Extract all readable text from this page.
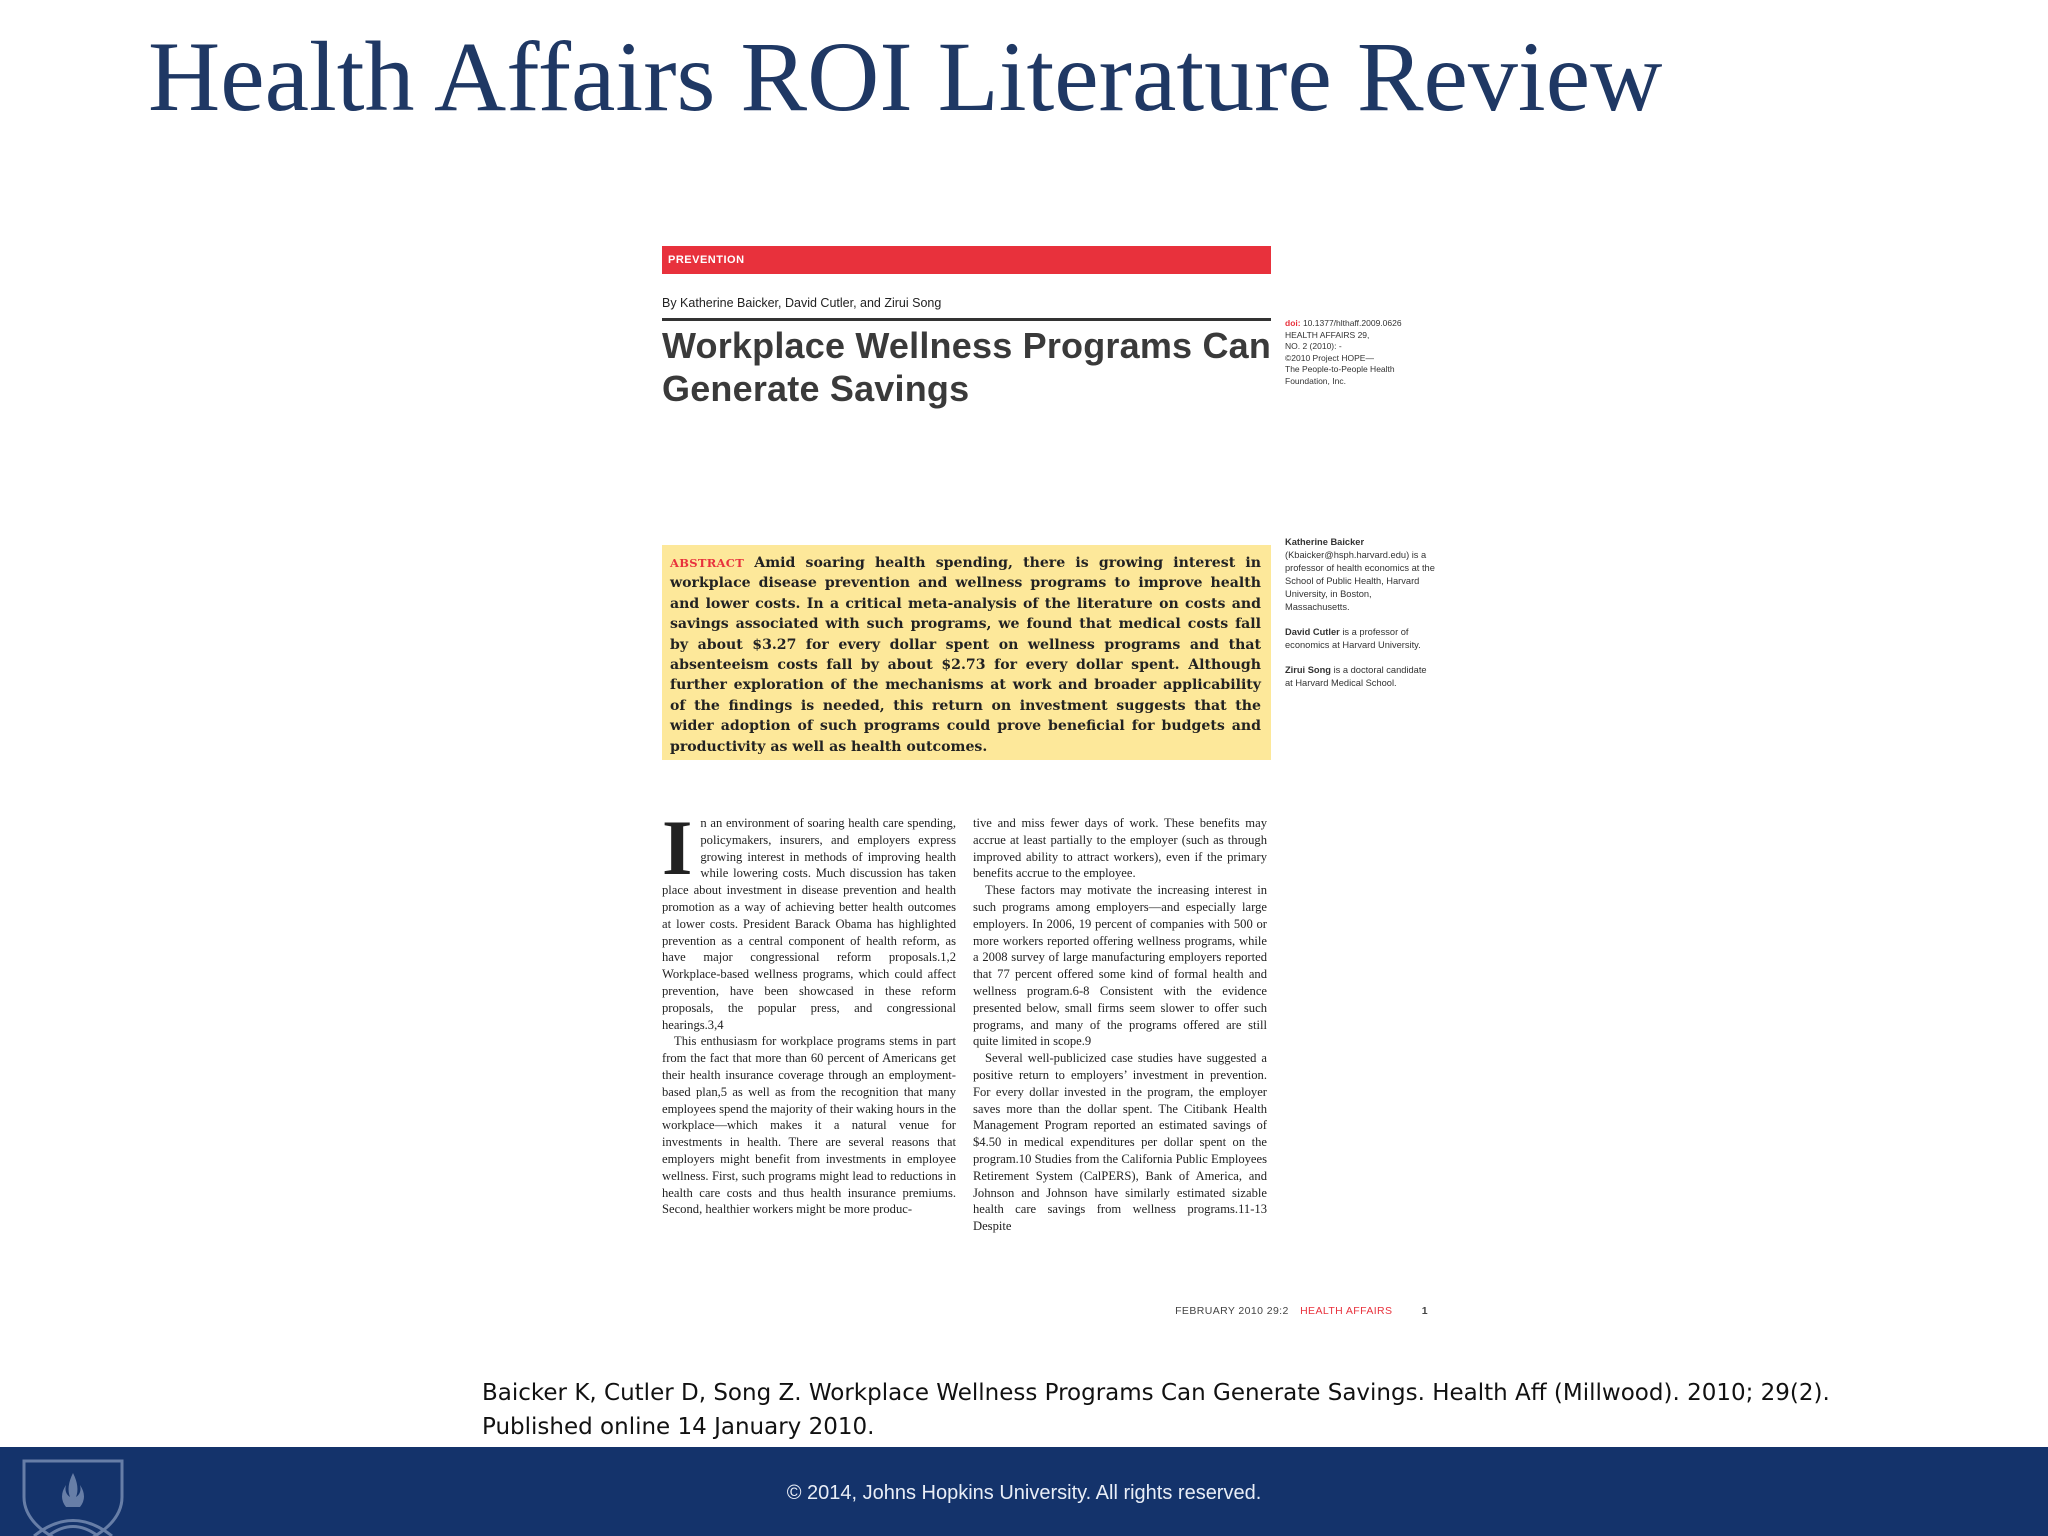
Health Affairs ROI Literature Review
PREVENTION
By Katherine Baicker, David Cutler, and Zirui Song
Workplace Wellness Programs Can Generate Savings
doi: 10.1377/hlthaff.2009.0626
HEALTH AFFAIRS 29,
NO. 2 (2010): -
©2010 Project HOPE—
The People-to-People Health
Foundation, Inc.
ABSTRACT Amid soaring health spending, there is growing interest in workplace disease prevention and wellness programs to improve health and lower costs. In a critical meta-analysis of the literature on costs and savings associated with such programs, we found that medical costs fall by about $3.27 for every dollar spent on wellness programs and that absenteeism costs fall by about $2.73 for every dollar spent. Although further exploration of the mechanisms at work and broader applicability of the findings is needed, this return on investment suggests that the wider adoption of such programs could prove beneficial for budgets and productivity as well as health outcomes.

Katherine Baicker (Kbaicker@hsph.harvard.edu) is a professor of health economics at the School of Public Health, Harvard University, in Boston, Massachusetts.

David Cutler is a professor of economics at Harvard University.

Zirui Song is a doctoral candidate at Harvard Medical School.

I n an environment of soaring health care spending, policymakers, insurers, and employers express growing interest in methods of improving health while lowering costs. Much discussion has taken place about investment in disease prevention and health promotion as a way of achieving better health outcomes at lower costs. President Barack Obama has highlighted prevention as a central component of health reform, as have major congressional reform proposals.1,2 Workplace-based wellness programs, which could affect prevention, have been showcased in these reform proposals, the popular press, and congressional hearings.3,4

This enthusiasm for workplace programs stems in part from the fact that more than 60 percent of Americans get their health insurance coverage through an employment-based plan,5 as well as from the recognition that many employees spend the majority of their waking hours in the workplace—which makes it a natural venue for investments in health. There are several reasons that employers might benefit from investments in employee wellness. First, such programs might lead to reductions in health care costs and thus health insurance premiums. Second, healthier workers might be more produc-

tive and miss fewer days of work. These benefits may accrue at least partially to the employer (such as through improved ability to attract workers), even if the primary benefits accrue to the employee.

These factors may motivate the increasing interest in such programs among employers—and especially large employers. In 2006, 19 percent of companies with 500 or more workers reported offering wellness programs, while a 2008 survey of large manufacturing employers reported that 77 percent offered some kind of formal health and wellness program.6-8 Consistent with the evidence presented below, small firms seem slower to offer such programs, and many of the programs offered are still quite limited in scope.9

Several well-publicized case studies have suggested a positive return to employers’ investment in prevention. For every dollar invested in the program, the employer saves more than the dollar spent. The Citibank Health Management Program reported an estimated savings of $4.50 in medical expenditures per dollar spent on the program.10 Studies from the California Public Employees Retirement System (CalPERS), Bank of America, and Johnson and Johnson have similarly estimated sizable health care savings from wellness programs.11-13 Despite

FEBRUARY 2010 29:2 HEALTH AFFAIRS	1
Baicker K, Cutler D, Song Z. Workplace Wellness Programs Can Generate Savings. Health Aff (Millwood). 2010; 29(2).
Published online 14 January 2010.
© 2014, Johns Hopkins University. All rights reserved.
